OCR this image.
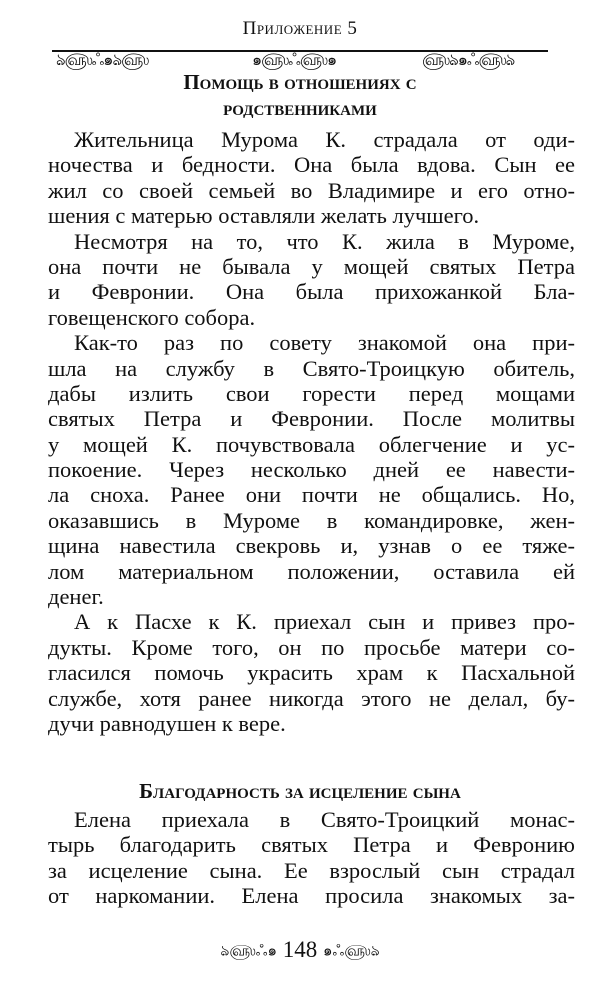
Приложение 5
ঌ௵ஃ๑ঌ௵	๑௵ஃ௵๑	௵ঌ๑ஃ௵ঌ
Помощь в отношениях с
родственниками
Жительница Мурома К. страдала от оди-
ночества и бедности. Она была вдова. Сын ее
жил со своей семьей во Владимире и его отно-
шения с матерью оставляли желать лучшего.
Несмотря на то, что К. жила в Муроме,
она почти не бывала у мощей святых Петра
и Февронии. Она была прихожанкой Бла-
говещенского собора.
Как-то раз по совету знакомой она при-
шла на службу в Свято-Троицкую обитель,
дабы излить свои горести перед мощами
святых Петра и Февронии. После молитвы
у мощей К. почувствовала облегчение и ус-
покоение. Через несколько дней ее навести-
ла сноха. Ранее они почти не общались. Но,
оказавшись в Муроме в командировке, жен-
щина навестила свекровь и, узнав о ее тяже-
лом материальном положении, оставила ей
денег.
А к Пасхе к К. приехал сын и привез про-
дукты. Кроме того, он по просьбе матери со-
гласился помочь украсить храм к Пасхальной
службе, хотя ранее никогда этого не делал, бу-
дучи равнодушен к вере.
Благодарность за исцеление сына
Елена приехала в Свято-Троицкий монас-
тырь благодарить святых Петра и Февронию
за исцеление сына. Ее взрослый сын страдал
от наркомании. Елена просила знакомых за-
ঌ௵ஃ๑ 148 ๑ஃ௵ঌ
